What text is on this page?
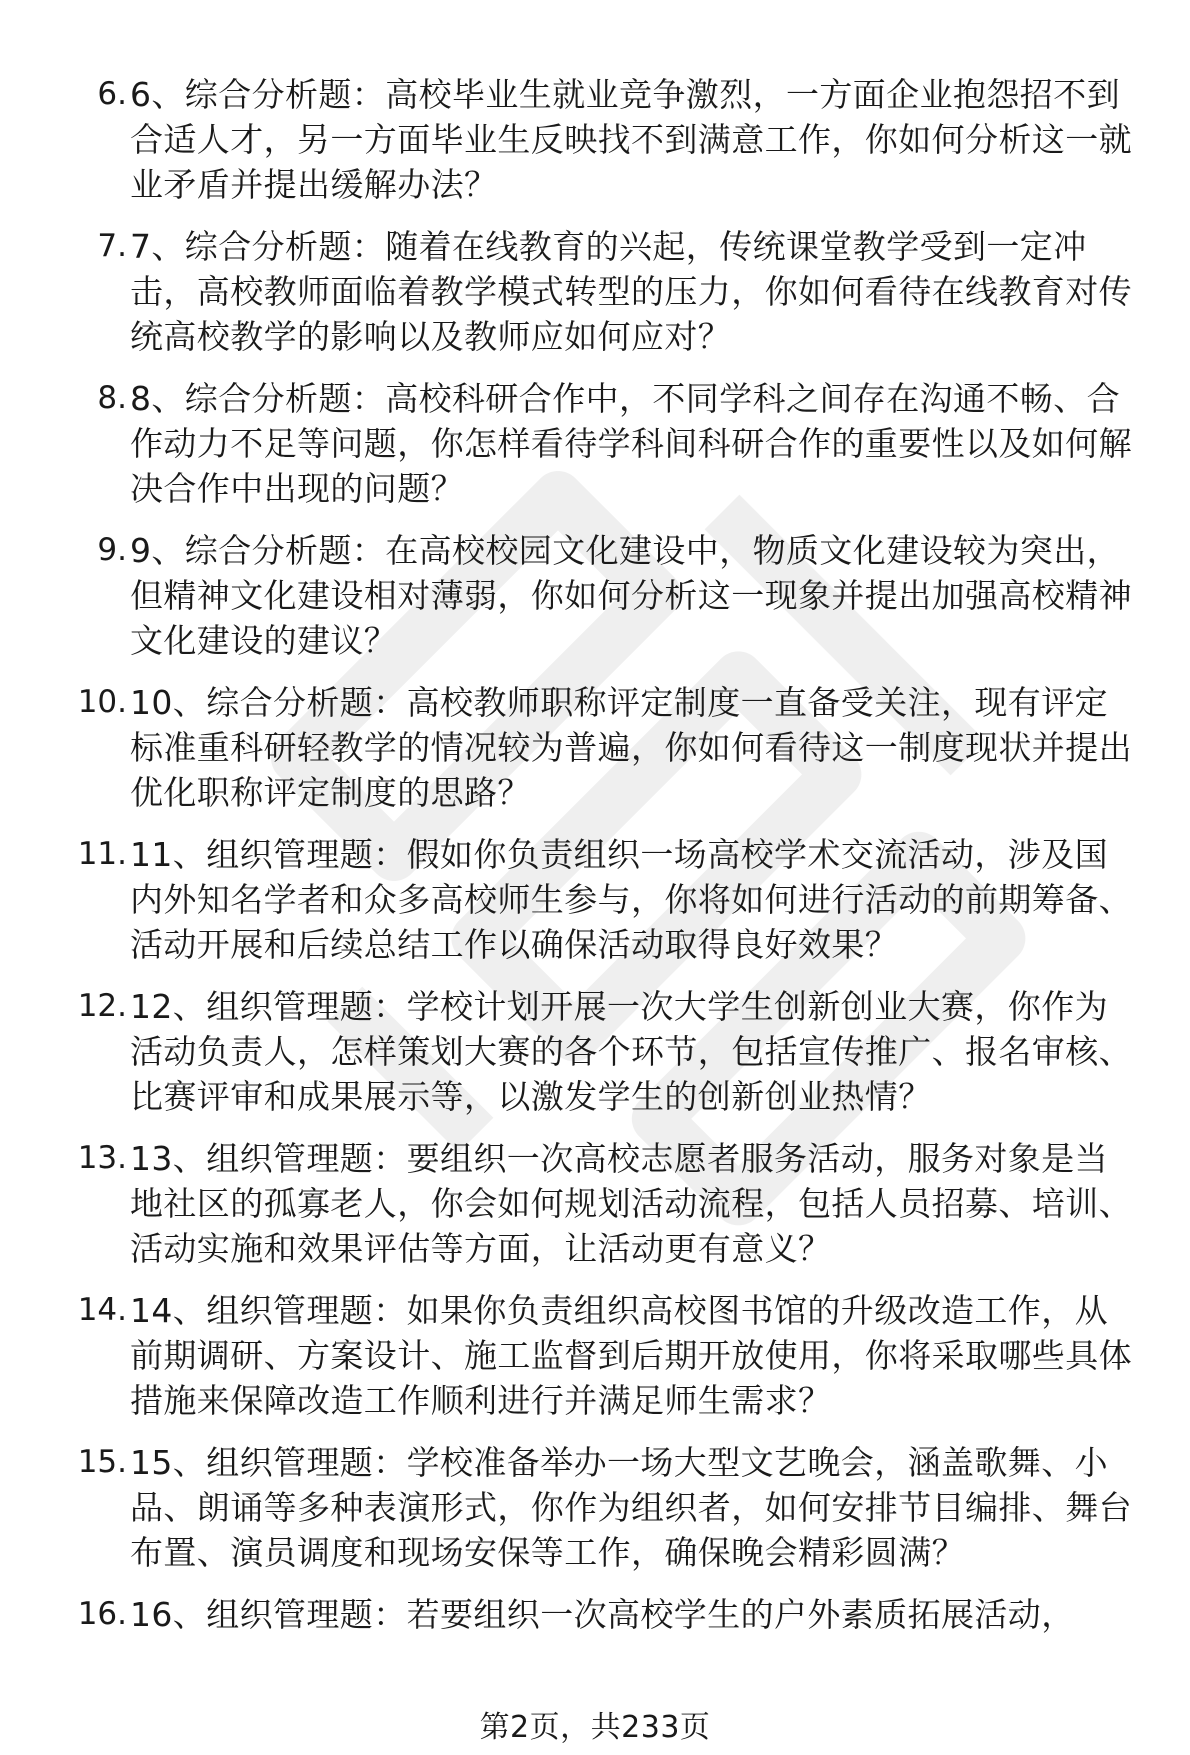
6. 6、综合分析题：高校毕业生就业竞争激烈，一方面企业抱怨招不到合适人才，另一方面毕业生反映找不到满意工作，你如何分析这一就业矛盾并提出缓解办法？
7. 7、综合分析题：随着在线教育的兴起，传统课堂教学受到一定冲击，高校教师面临着教学模式转型的压力，你如何看待在线教育对传统高校教学的影响以及教师应如何应对？
8. 8、综合分析题：高校科研合作中，不同学科之间存在沟通不畅、合作动力不足等问题，你怎样看待学科间科研合作的重要性以及如何解决合作中出现的问题？
9. 9、综合分析题：在高校校园文化建设中，物质文化建设较为突出，但精神文化建设相对薄弱，你如何分析这一现象并提出加强高校精神文化建设的建议？
10. 10、综合分析题：高校教师职称评定制度一直备受关注，现有评定标准重科研轻教学的情况较为普遍，你如何看待这一制度现状并提出优化职称评定制度的思路？
11. 11、组织管理题：假如你负责组织一场高校学术交流活动，涉及国内外知名学者和众多高校师生参与，你将如何进行活动的前期筹备、活动开展和后续总结工作以确保活动取得良好效果？
12. 12、组织管理题：学校计划开展一次大学生创新创业大赛，你作为活动负责人，怎样策划大赛的各个环节，包括宣传推广、报名审核、比赛评审和成果展示等，以激发学生的创新创业热情？
13. 13、组织管理题：要组织一次高校志愿者服务活动，服务对象是当地社区的孤寡老人，你会如何规划活动流程，包括人员招募、培训、活动实施和效果评估等方面，让活动更有意义？
14. 14、组织管理题：如果你负责组织高校图书馆的升级改造工作，从前期调研、方案设计、施工监督到后期开放使用，你将采取哪些具体措施来保障改造工作顺利进行并满足师生需求？
15. 15、组织管理题：学校准备举办一场大型文艺晚会，涵盖歌舞、小品、朗诵等多种表演形式，你作为组织者，如何安排节目编排、舞台布置、演员调度和现场安保等工作，确保晚会精彩圆满？
16. 16、组织管理题：若要组织一次高校学生的户外素质拓展活动，
第2页，共233页
